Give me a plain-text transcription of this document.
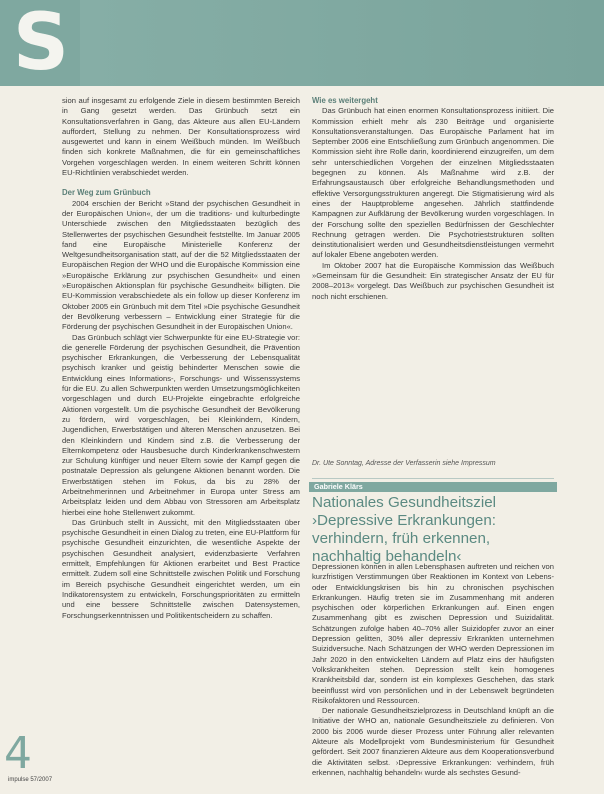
S

sion auf insgesamt zu erfolgende Ziele in diesem bestimmten Bereich in Gang gesetzt werden. Das Grünbuch setzt ein Konsultationsverfahren in Gang, das Akteure aus allen EU-Ländern auffordert, Stellung zu nehmen. Der Konsultationsprozess wird ausgewertet und kann in einem Weißbuch münden. Im Weißbuch finden sich konkrete Maßnahmen, die für ein gemeinschaftliches Vorgehen vorgeschlagen werden. In einem weiteren Schritt können EU-Richtlinien verabschiedet werden.

Der Weg zum Grünbuch

2004 erschien der Bericht »Stand der psychischen Gesundheit in der Europäischen Union«, der um die traditions- und kulturbedingte Unterschiede zwischen den Mitgliedsstaaten bezüglich des Stellenwertes der psychischen Gesundheit feststellte. Im Januar 2005 fand eine Europäische Ministerielle Konferenz der Weltgesundheitsorganisation statt, auf der die 52 Mitgliedsstaaten der Europäischen Region der WHO und die Europäische Kommission eine »Europäische Erklärung zur psychischen Gesundheit« und einen »Europäischen Aktionsplan für psychische Gesundheit« billigten. Die EU-Kommission verabschiedete als ein follow up dieser Konferenz im Oktober 2005 ein Grünbuch mit dem Titel »Die psychische Gesundheit der Bevölkerung verbessern – Entwicklung einer Strategie für die Förderung der psychischen Gesundheit in der Europäischen Union«.

Das Grünbuch schlägt vier Schwerpunkte für eine EU-Strategie vor: die generelle Förderung der psychischen Gesundheit, die Prävention psychischer Erkrankungen, die Verbesserung der Lebensqualität psychisch kranker und geistig behinderter Menschen sowie die Entwicklung eines Informations-, Forschungs- und Wissenssystems für die EU. Zu allen Schwerpunkten werden Umsetzungsmöglichkeiten vorgeschlagen und durch EU-Projekte eingebrachte erfolgreiche Aktionen vorgestellt. Um die psychische Gesundheit der Bevölkerung zu fördern, wird vorgeschlagen, bei Kleinkindern, Kindern, Jugendlichen, Erwerbstätigen und älteren Menschen anzusetzen. Bei den Kleinkindern und Kindern sind z.B. die Verbesserung der Elternkompetenz oder Hausbesuche durch Kinderkrankenschwestern zur Schulung künftiger und neuer Eltern sowie der Kampf gegen die postnatale Depression als gelungene Aktionen benannt worden. Die Erwerbstätigen stehen im Fokus, da bis zu 28% der Arbeitnehmerinnen und Arbeitnehmer in Europa unter Stress am Arbeitsplatz leiden und dem Abbau von Stressoren am Arbeitsplatz hierbei eine hohe Stellenwert zukommt.

Das Grünbuch stellt in Aussicht, mit den Mitgliedsstaaten über psychische Gesundheit in einen Dialog zu treten, eine EU-Plattform für psychische Gesundheit einzurichten, die wesentliche Aspekte der psychischen Gesundheit analysiert, evidenzbasierte Verfahren ermittelt, Empfehlungen für Aktionen erarbeitet und Best Practice ermittelt. Zudem soll eine Schnittstelle zwischen Politik und Forschung im Bereich psychische Gesundheit eingerichtet werden, um ein Indikatorensystem zu entwickeln, Forschungsprioritäten zu ermitteln und eine bessere Schnittstelle zwischen Datensystemen, Forschungserkenntnissen und Politikentscheidern zu schaffen.

Wie es weitergeht

Das Grünbuch hat einen enormen Konsultationsprozess initiiert. Die Kommission erhielt mehr als 230 Beiträge und organisierte Konsultationsveranstaltungen. Das Europäische Parlament hat im September 2006 eine Entschließung zum Grünbuch angenommen. Die Kommission sieht ihre Rolle darin, koordinierend einzugreifen, um dem sehr unterschiedlichen Vorgehen der einzelnen Mitgliedsstaaten begegnen zu können. Als Maßnahme wird z.B. der Erfahrungsaustausch über erfolgreiche Behandlungsmethoden und effektive Versorgungsstrukturen angeregt. Die Stigmatisierung wird als eines der Hauptprobleme angesehen. Jährlich stattfindende Kampagnen zur Aufklärung der Bevölkerung wurden vorgeschlagen. In der Forschung sollte den speziellen Bedürfnissen der Geschlechter Rechnung getragen werden. Die Psychotrieststrukturen sollten deinstitutionalisiert werden und Gesundheitsdienstleistungen vermehrt auf lokaler Ebene angeboten werden.

Im Oktober 2007 hat die Europäische Kommission das Weißbuch »Gemeinsam für die Gesundheit: Ein strategischer Ansatz der EU für 2008–2013« vorgelegt. Das Weißbuch zur psychischen Gesundheit ist noch nicht erschienen.

Dr. Ute Sonntag, Adresse der Verfasserin siehe Impressum
Gabriele Klärs
Nationales Gesundheitsziel ›Depressive Erkrankungen: verhindern, früh erkennen, nachhaltig behandeln‹

Depressionen können in allen Lebensphasen auftreten und reichen von kurzfristigen Verstimmungen über Reaktionen im Kontext von Lebens- oder Entwicklungskrisen bis hin zu chronischen psychischen Erkrankungen. Häufig treten sie im Zusammenhang mit anderen psychischen oder körperlichen Erkrankungen auf. Einen engen Zusammenhang gibt es zwischen Depression und Suizidalität. Schätzungen zufolge haben 40–70% aller Suizidopfer zuvor an einer Depression gelitten, 30% aller depressiv Erkrankten unternehmen Suizidversuche. Nach Schätzungen der WHO werden Depressionen im Jahr 2020 in den entwickelten Ländern auf Platz eins der häufigsten Volkskrankheiten stehen. Depression stellt kein homogenes Krankheitsbild dar, sondern ist ein komplexes Geschehen, das stark beeinflusst wird von persönlichen und in der Lebenswelt begründeten Risikofaktoren und Ressourcen.

Der nationale Gesundheitszielprozess in Deutschland knüpft an die Initiative der WHO an, nationale Gesundheitsziele zu definieren. Von 2000 bis 2006 wurde dieser Prozess unter Führung aller relevanten Akteure als Modellprojekt vom Bundesministerium für Gesundheit gefördert. Seit 2007 finanzieren Akteure aus dem Kooperationsverbund die Aktivitäten selbst. ›Depressive Erkrankungen: verhindern, früh erkennen, nachhaltig behandeln‹ wurde als sechstes Gesund-

4
impulse 57/2007
